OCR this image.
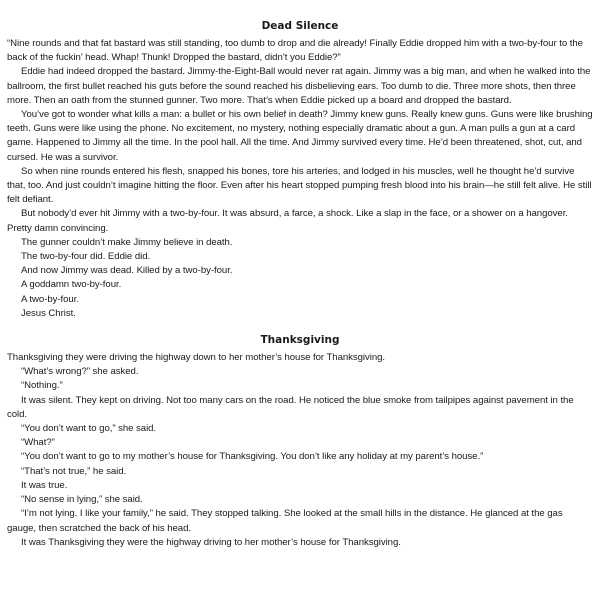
Dead Silence

“Nine rounds and that fat bastard was still standing, too dumb to drop and die already! Finally Eddie dropped him with a two-by-four to the back of the fuckin’ head. Whap! Thunk! Dropped the bastard, didn’t you Eddie?”

Eddie had indeed dropped the bastard. Jimmy-the-Eight-Ball would never rat again. Jimmy was a big man, and when he walked into the ballroom, the first bullet reached his guts before the sound reached his disbelieving ears. Too dumb to die. Three more shots, then three more. Then an oath from the stunned gunner. Two more. That’s when Eddie picked up a board and dropped the bastard.

You’ve got to wonder what kills a man: a bullet or his own belief in death? Jimmy knew guns. Really knew guns. Guns were like brushing teeth. Guns were like using the phone. No excitement, no mystery, nothing especially dramatic about a gun. A man pulls a gun at a card game. Happened to Jimmy all the time. In the pool hall. All the time. And Jimmy survived every time. He’d been threatened, shot, cut, and cursed. He was a survivor.

So when nine rounds entered his flesh, snapped his bones, tore his arteries, and lodged in his muscles, well he thought he’d survive that, too. And just couldn’t imagine hitting the floor. Even after his heart stopped pumping fresh blood into his brain—he still felt alive. He still felt defiant.

But nobody’d ever hit Jimmy with a two-by-four. It was absurd, a farce, a shock. Like a slap in the face, or a shower on a hangover. Pretty damn convincing.

The gunner couldn’t make Jimmy believe in death.

The two-by-four did. Eddie did.

And now Jimmy was dead. Killed by a two-by-four.

A goddamn two-by-four.

A two-by-four.

Jesus Christ.

Thanksgiving

Thanksgiving they were driving the highway down to her mother’s house for Thanksgiving.

“What’s wrong?” she asked.

“Nothing.”

It was silent. They kept on driving. Not too many cars on the road. He noticed the blue smoke from tailpipes against pavement in the cold.

“You don’t want to go,” she said.

“What?”

“You don’t want to go to my mother’s house for Thanksgiving. You don’t like any holiday at my parent’s house.”

“That’s not true,” he said.

It was true.

“No sense in lying,” she said.

“I’m not lying. I like your family,” he said. They stopped talking. She looked at the small hills in the distance. He glanced at the gas gauge, then scratched the back of his head.

It was Thanksgiving they were the highway driving to her mother’s house for Thanksgiving.
